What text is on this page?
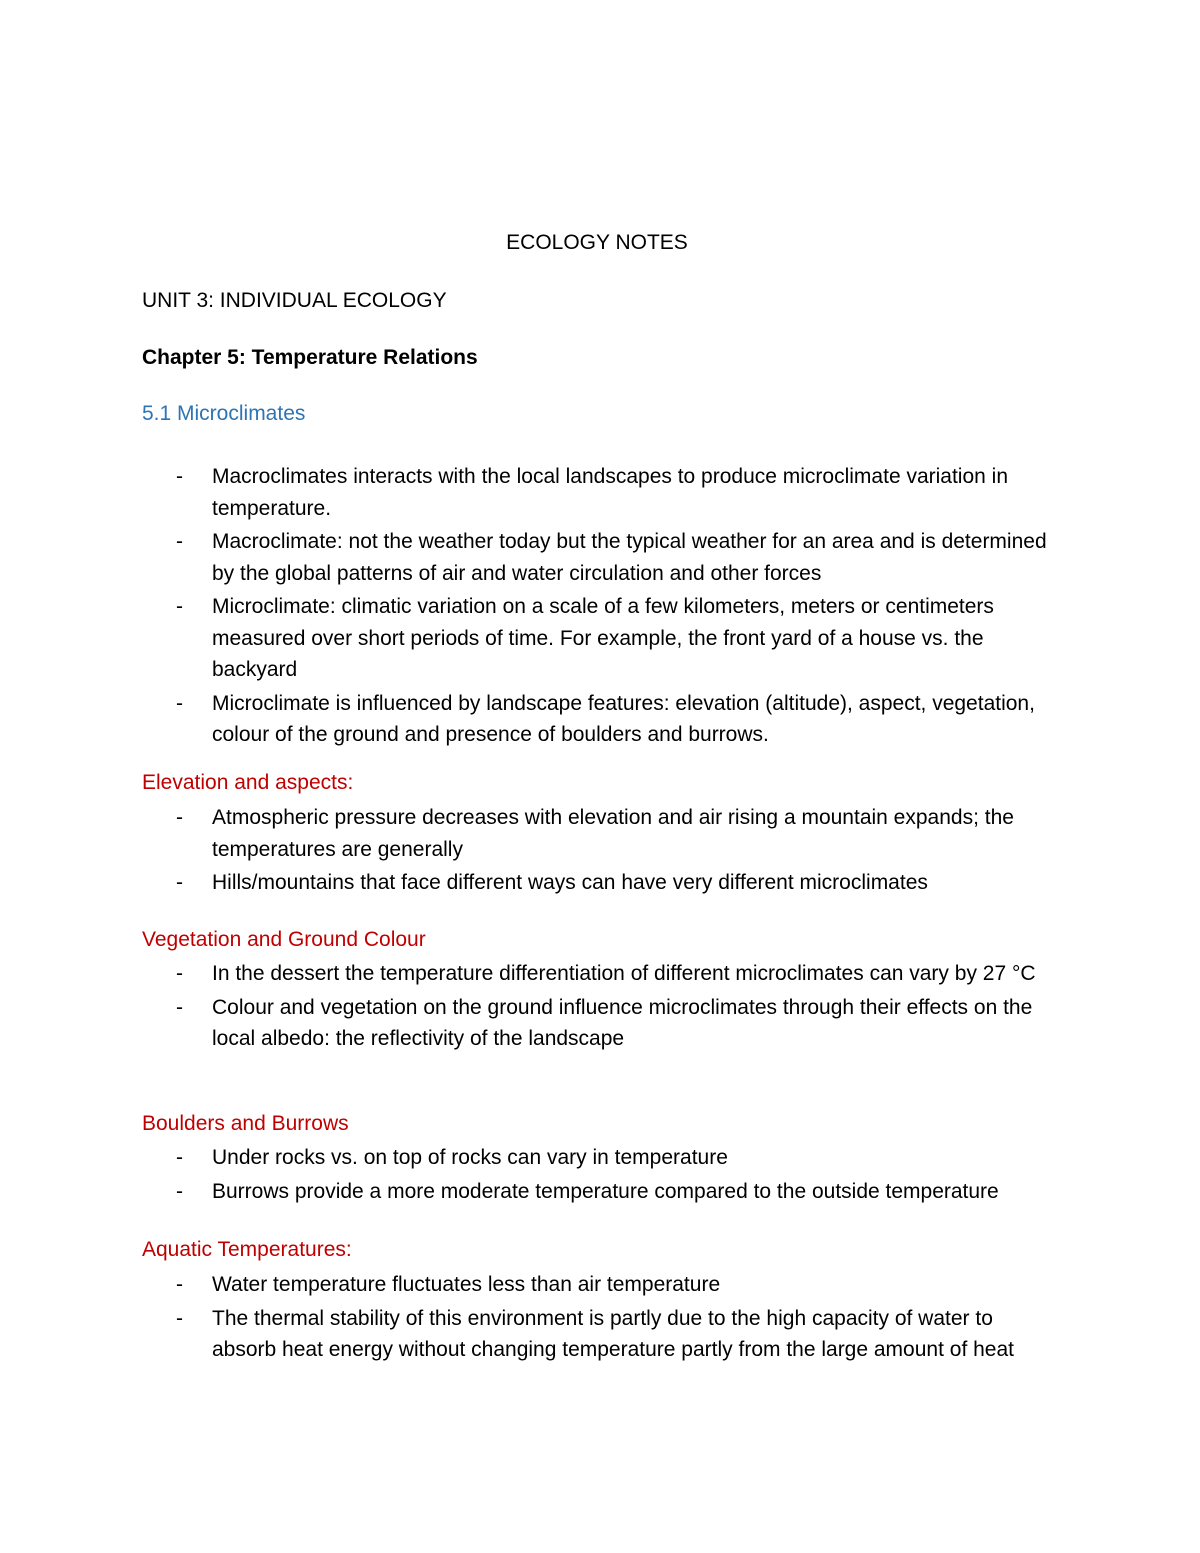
ECOLOGY NOTES
UNIT 3: INDIVIDUAL ECOLOGY
Chapter 5: Temperature Relations
5.1 Microclimates
- Macroclimates interacts with the local landscapes to produce microclimate variation in temperature.
- Macroclimate: not the weather today but the typical weather for an area and is determined by the global patterns of air and water circulation and other forces
- Microclimate: climatic variation on a scale of a few kilometers, meters or centimeters measured over short periods of time. For example, the front yard of a house vs. the backyard
- Microclimate is influenced by landscape features: elevation (altitude), aspect, vegetation, colour of the ground and presence of boulders and burrows.
Elevation and aspects:
- Atmospheric pressure decreases with elevation and air rising a mountain expands; the temperatures are generally
- Hills/mountains that face different ways can have very different microclimates
Vegetation and Ground Colour
- In the dessert the temperature differentiation of different microclimates can vary by 27 °C
- Colour and vegetation on the ground influence microclimates through their effects on the local albedo: the reflectivity of the landscape
Boulders and Burrows
- Under rocks vs. on top of rocks can vary in temperature
- Burrows provide a more moderate temperature compared to the outside temperature
Aquatic Temperatures:
- Water temperature fluctuates less than air temperature
- The thermal stability of this environment is partly due to the high capacity of water to absorb heat energy without changing temperature partly from the large amount of heat
